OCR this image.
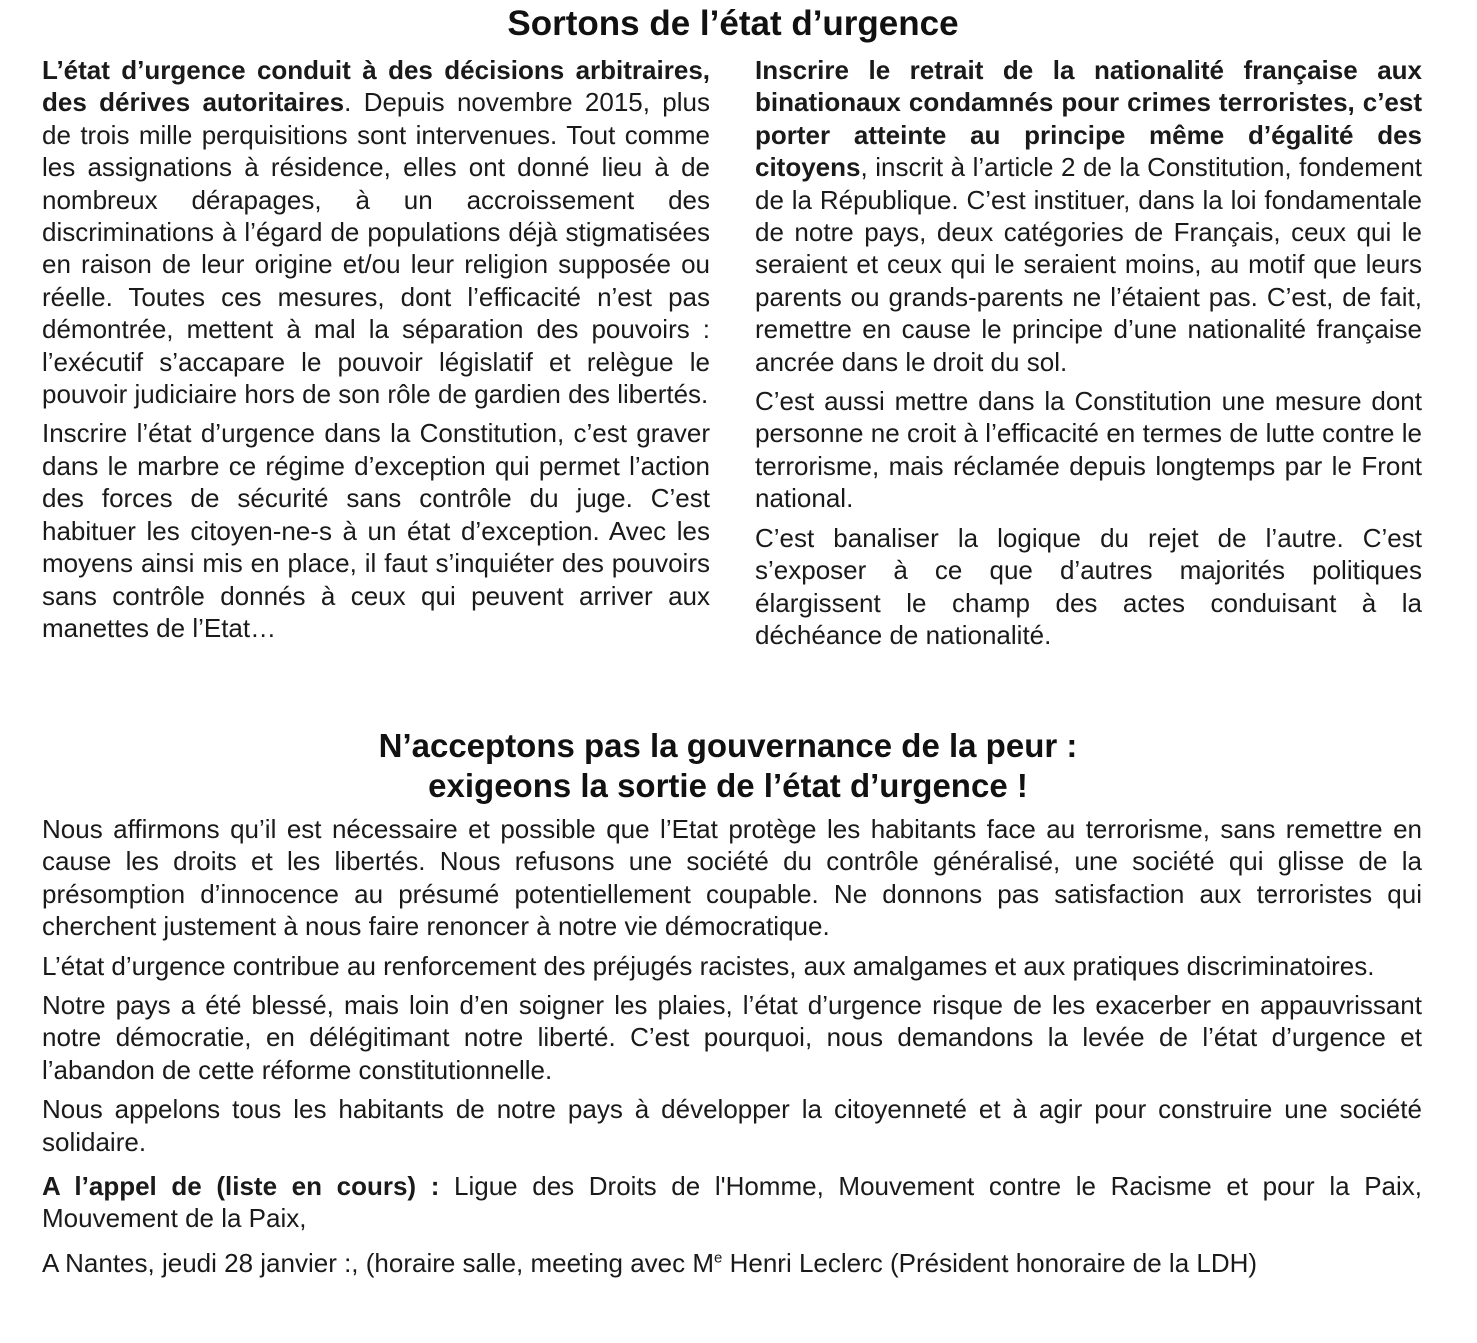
Sortons de l’état d’urgence

L’état d’urgence conduit à des décisions arbitraires, des dérives autoritaires. Depuis novembre 2015, plus de trois mille perquisitions sont intervenues. Tout comme les assignations à résidence, elles ont donné lieu à de nombreux dérapages, à un accroissement des discriminations à l’égard de populations déjà stigmatisées en raison de leur origine et/ou leur religion supposée ou réelle. Toutes ces mesures, dont l’efficacité n’est pas démontrée, mettent à mal la séparation des pouvoirs : l’exécutif s’accapare le pouvoir législatif et relègue le pouvoir judiciaire hors de son rôle de gardien des libertés.

Inscrire l’état d’urgence dans la Constitution, c’est graver dans le marbre ce régime d’exception qui permet l’action des forces de sécurité sans contrôle du juge. C’est habituer les citoyen-ne-s à un état d’exception. Avec les moyens ainsi mis en place, il faut s’inquiéter des pouvoirs sans contrôle donnés à ceux qui peuvent arriver aux manettes de l’Etat…

Inscrire le retrait de la nationalité française aux binationaux condamnés pour crimes terroristes, c’est porter atteinte au principe même d’égalité des citoyens, inscrit à l’article 2 de la Constitution, fondement de la République. C’est instituer, dans la loi fondamentale de notre pays, deux catégories de Français, ceux qui le seraient et ceux qui le seraient moins, au motif que leurs parents ou grands-parents ne l’étaient pas. C’est, de fait, remettre en cause le principe d’une nationalité française ancrée dans le droit du sol.

C’est aussi mettre dans la Constitution une mesure dont personne ne croit à l’efficacité en termes de lutte contre le terrorisme, mais réclamée depuis longtemps par le Front national.

C’est banaliser la logique du rejet de l’autre. C’est s’exposer à ce que d’autres majorités politiques élargissent le champ des actes conduisant à la déchéance de nationalité.

N’acceptons pas la gouvernance de la peur :
exigeons la sortie de l’état d’urgence !

Nous affirmons qu’il est nécessaire et possible que l’Etat protège les habitants face au terrorisme, sans remettre en cause les droits et les libertés. Nous refusons une société du contrôle généralisé, une société qui glisse de la présomption d’innocence au présumé potentiellement coupable. Ne donnons pas satisfaction aux terroristes qui cherchent justement à nous faire renoncer à notre vie démocratique.

L’état d’urgence contribue au renforcement des préjugés racistes, aux amalgames et aux pratiques discriminatoires.

Notre pays a été blessé, mais loin d’en soigner les plaies, l’état d’urgence risque de les exacerber en appauvrissant notre démocratie, en délégitimant notre liberté. C’est pourquoi, nous demandons la levée de l’état d’urgence et l’abandon de cette réforme constitutionnelle.

Nous appelons tous les habitants de notre pays à développer la citoyenneté et à agir pour construire une société solidaire.

A l’appel de (liste en cours) : Ligue des Droits de l'Homme, Mouvement contre le Racisme et pour la Paix, Mouvement de la Paix,

A Nantes, jeudi 28 janvier :, (horaire salle, meeting avec Me Henri Leclerc (Président honoraire de la LDH)
